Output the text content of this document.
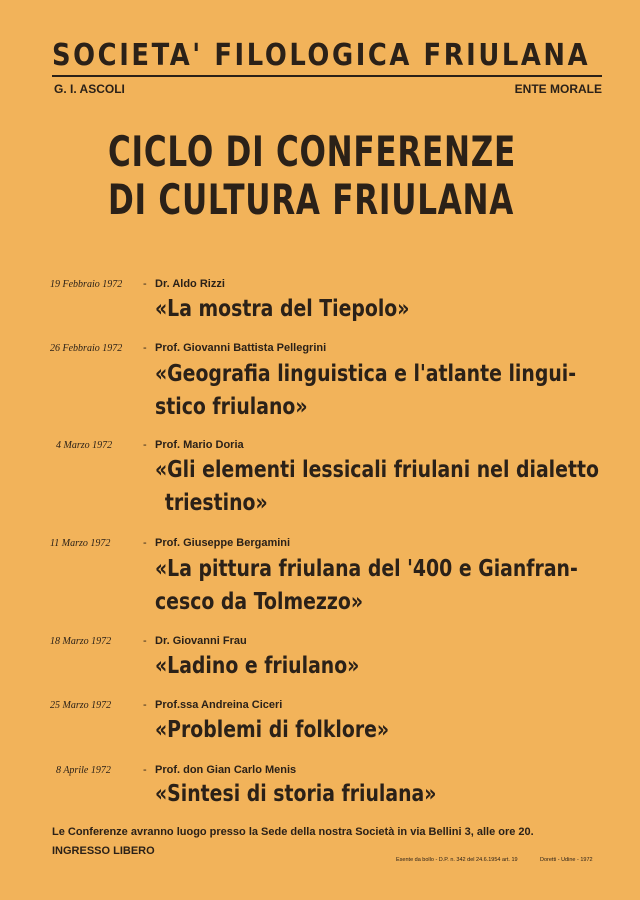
SOCIETA' FILOLOGICA FRIULANA
G. I. ASCOLI	ENTE MORALE
CICLO DI CONFERENZE
DI CULTURA FRIULANA
19 Febbraio 1972 - Dr. Aldo Rizzi
«La mostra del Tiepolo»
26 Febbraio 1972 - Prof. Giovanni Battista Pellegrini
«Geografia linguistica e l'atlante lingui-
stico friulano»
4 Marzo 1972	- Prof. Mario Doria
«Gli elementi lessicali friulani nel dialetto
triestino»
11 Marzo 1972	- Prof. Giuseppe Bergamini
«La pittura friulana del '400 e Gianfran-
cesco da Tolmezzo»
18 Marzo 1972	- Dr. Giovanni Frau
«Ladino e friulano»
25 Marzo 1972	- Prof.ssa Andreina Ciceri
«Problemi di folklore»
8 Aprile 1972	- Prof. don Gian Carlo Menis
«Sintesi di storia friulana»
Le Conferenze avranno luogo presso la Sede della nostra Società in via Bellini 3, alle ore 20.
INGRESSO LIBERO
Esente da bollo - D.P. n. 342 del 24.6.1954 art. 19	Doretti - Udine - 1972
